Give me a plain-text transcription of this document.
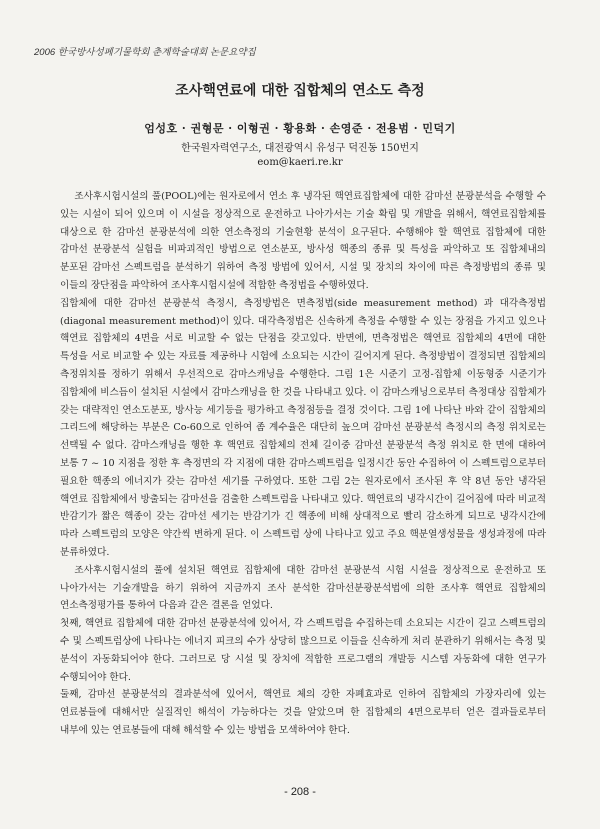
2006 한국방사성폐기물학회 춘계학술대회 논문요약집
조사핵연료에 대한 집합체의 연소도 측정
엄성호 · 권형문 · 이형권 · 황용화 · 손영준 · 전용범 · 민덕기
한국원자력연구소, 대전광역시 유성구 덕진동 150번지
eom@kaeri.re.kr

조사후시험시설의 풀(POOL)에는 원자로에서 연소 후 냉각된 핵연료집합체에 대한 감마선 분광분석을 수행할 수 있는 시설이 되어 있으며 이 시설을 정상적으로 운전하고 나아가서는 기술 확립 및 개발을 위해서, 핵연료집합체를 대상으로 한 감마선 분광분석에 의한 연소측정의 기술현황 분석이 요구된다. 수행해야 할 핵연료 집합체에 대한 감마선 분광분석 실험을 비파괴적인 방법으로 연소분포, 방사성 핵종의 종류 및 특성을 파악하고 또 집합체내의 분포된 감마선 스펙트럼을 분석하기 위하여 측정 방법에 있어서, 시설 및 장치의 차이에 따른 측정방법의 종류 및 이들의 장단점을 파악하여 조사후시험시설에 적합한 측정법을 수행하였다.

집합체에 대한 감마선 분광분석 측정시, 측정방법은 면측정법(side measurement method) 과 대각측정법(diagonal measurement method)이 있다. 대각측정법은 신속하게 측정을 수행할 수 있는 장점을 가지고 있으나 핵연료 집합체의 4면을 서로 비교할 수 없는 단점을 갖고있다. 반면에, 면측정법은 핵연료 집합체의 4면에 대한 특성을 서로 비교할 수 있는 자료를 제공하나 시험에 소요되는 시간이 길어지게 된다. 측정방법이 결정되면 집합체의 측정위치를 정하기 위해서 우선적으로 감마스캐닝을 수행한다. 그림 1은 시준기 고정-집합체 이동형중 시준기가 집합체에 비스듬이 설치된 시설에서 감마스캐닝을 한 것을 나타내고 있다. 이 감마스캐닝으로부터 측정대상 집합체가 갖는 대략적인 연소도분포, 방사능 세기등을 평가하고 측정점등을 결정 것이다. 그림 1에 나타난 바와 같이 집합체의 그리드에 해당하는 부분은 Co-60으로 인하여 좀 계수율은 대단히 높으며 감마선 분광분석 측정시의 측정 위치로는 선택될 수 없다. 감마스캐닝을 행한 후 핵연료 집합체의 전체 길이중 감마선 분광분석 측정 위치로 한 면에 대하여 보통 7 ~ 10 지점을 정한 후 측정면의 각 지점에 대한 감마스펙트럼을 일정시간 동안 수집하여 이 스펙트럼으로부터 필요한 핵종의 에너지가 갖는 감마선 세기를 구하였다. 또한 그림 2는 원자로에서 조사된 후 약 8년 동안 냉각된 핵연료 집합체에서 방출되는 감마선을 검출한 스펙트럼을 나타내고 있다. 핵연료의 냉각시간이 길어짐에 따라 비교적 반감기가 짧은 핵종이 갖는 감마선 세기는 반감기가 긴 핵종에 비해 상대적으로 빨리 감소하게 되므로 냉각시간에 따라 스펙트럼의 모양은 약간씩 변하게 된다. 이 스펙트럼 상에 나타나고 있고 주요 핵분열생성물을 생성과정에 따라 분류하였다.

조사후시험시설의 풀에 설치된 핵연료 집합체에 대한 감마선 분광분석 시험 시설을 정상적으로 운전하고 또 나아가서는 기술개발을 하기 위하여 지금까지 조사 분석한 감마선분광분석법에 의한 조사후 핵연료 집합체의 연소측정평가를 통하여 다음과 같은 결론을 얻었다.

첫째, 핵연료 집합체에 대한 감마선 분광분석에 있어서, 각 스펙트럼을 수집하는데 소요되는 시간이 길고 스펙트럼의 수 및 스펙트럼상에 나타나는 에너지 피크의 수가 상당히 많으므로 이들을 신속하게 처리 분관하기 위해서는 측정 및 분석이 자동화되어야 한다. 그러므로 당 시설 및 장치에 적합한 프로그램의 개발등 시스템 자동화에 대한 연구가 수행되어야 한다.

둘째, 감마선 분광분석의 결과분석에 있어서, 핵연료 체의 강한 자폐효과로 인하여 집합체의 가장자리에 있는 연료봉들에 대해서만 실질적인 해석이 가능하다는 것을 알았으며 한 집합체의 4면으로부터 얻은 결과들로부터 내부에 있는 연료봉들에 대해 해석할 수 있는 방법을 모색하여야 한다.

- 208 -
